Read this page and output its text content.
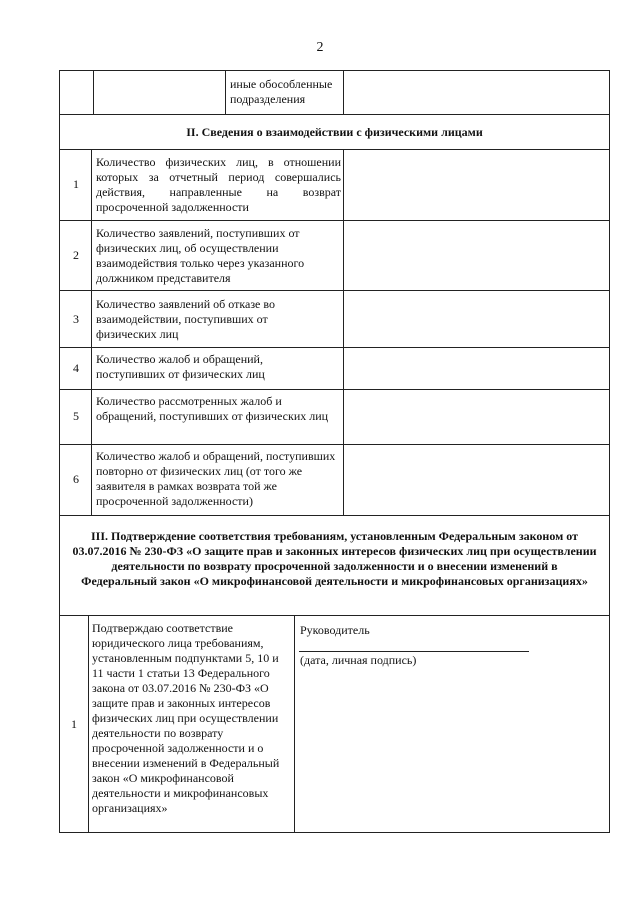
2
иные обособленные подразделения
II. Сведения о взаимодействии с физическими лицами
1
Количество физических лиц, в отношении которых за отчетный период совершались действия, направленные на возврат просроченной задолженности
2
Количество заявлений, поступивших от физических лиц, об осуществлении взаимодействия только через указанного должником представителя
3
Количество заявлений об отказе во взаимодействии, поступивших от физических лиц
4
Количество жалоб и обращений, поступивших от физических лиц
5
Количество рассмотренных жалоб и обращений, поступивших от физических лиц
6
Количество жалоб и обращений, поступивших повторно от физических лиц (от того же заявителя в рамках возврата той же просроченной задолженности)
III. Подтверждение соответствия требованиям, установленным Федеральным законом от 03.07.2016 № 230-ФЗ «О защите прав и законных интересов физических лиц при осуществлении деятельности по возврату просроченной задолженности и о внесении изменений в Федеральный закон «О микрофинансовой деятельности и микрофинансовых организациях»
1
Подтверждаю соответствие юридического лица требованиям, установленным подпунктами 5, 10 и 11 части 1 статьи 13 Федерального закона от 03.07.2016 № 230-ФЗ «О защите прав и законных интересов физических лиц при осуществлении деятельности по возврату просроченной задолженности и о внесении изменений в Федеральный закон «О микрофинансовой деятельности и микрофинансовых организациях»
Руководитель
(дата, личная подпись)
